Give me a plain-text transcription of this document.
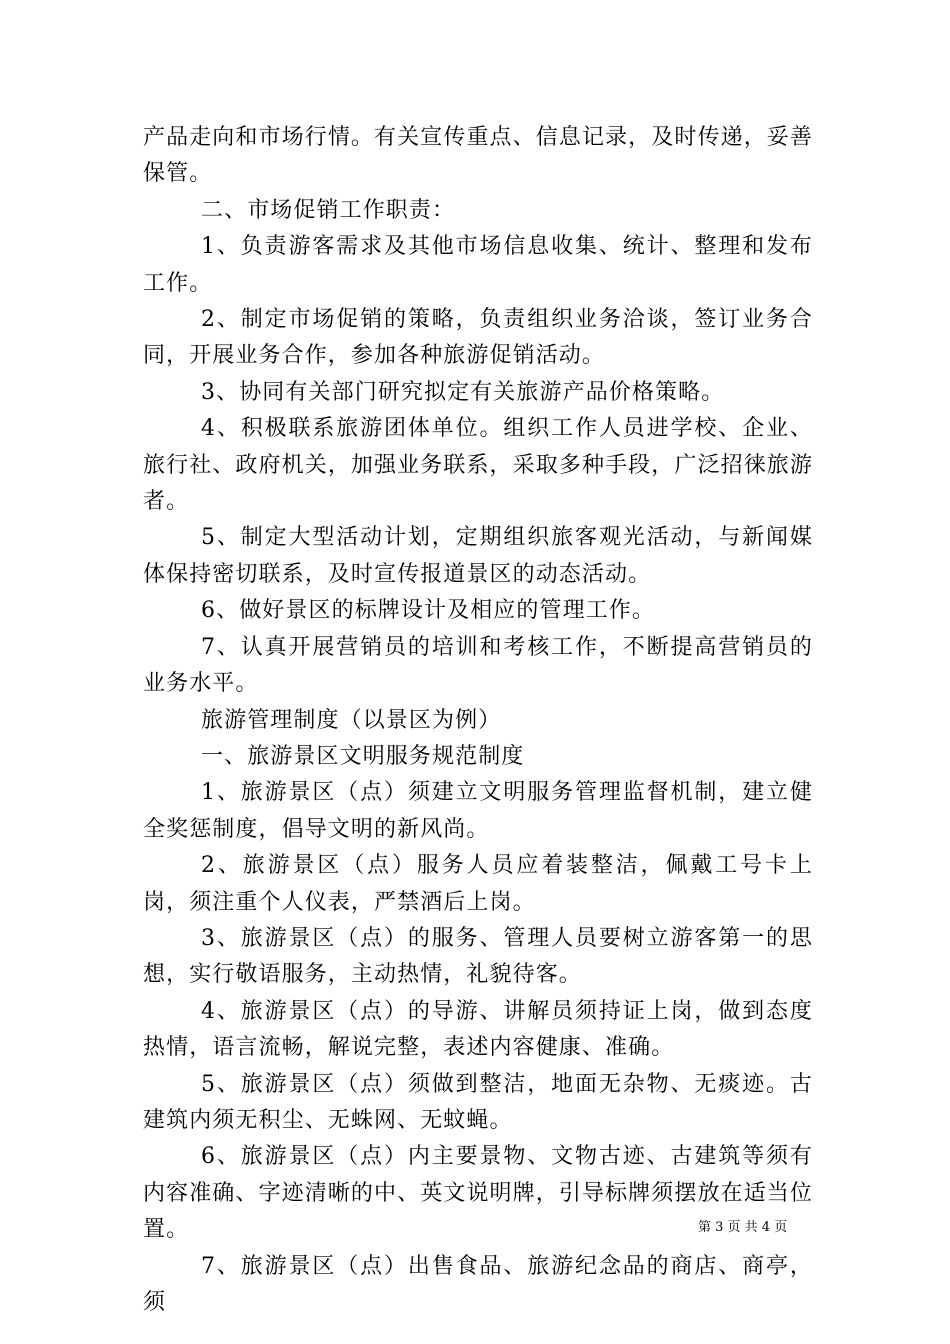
产品走向和市场行情。有关宣传重点、信息记录，及时传递，妥善保管。

二、市场促销工作职责：

1、负责游客需求及其他市场信息收集、统计、整理和发布工作。

2、制定市场促销的策略，负责组织业务洽谈，签订业务合同，开展业务合作，参加各种旅游促销活动。

3、协同有关部门研究拟定有关旅游产品价格策略。

4、积极联系旅游团体单位。组织工作人员进学校、企业、旅行社、政府机关，加强业务联系，采取多种手段，广泛招徕旅游者。

5、制定大型活动计划，定期组织旅客观光活动，与新闻媒体保持密切联系，及时宣传报道景区的动态活动。

6、做好景区的标牌设计及相应的管理工作。

7、认真开展营销员的培训和考核工作，不断提高营销员的业务水平。

旅游管理制度（以景区为例）

一、旅游景区文明服务规范制度

1、旅游景区（点）须建立文明服务管理监督机制，建立健全奖惩制度，倡导文明的新风尚。

2、旅游景区（点）服务人员应着装整洁，佩戴工号卡上岗，须注重个人仪表，严禁酒后上岗。

3、旅游景区（点）的服务、管理人员要树立游客第一的思想，实行敬语服务，主动热情，礼貌待客。

4、旅游景区（点）的导游、讲解员须持证上岗，做到态度热情，语言流畅，解说完整，表述内容健康、准确。

5、旅游景区（点）须做到整洁，地面无杂物、无痰迹。古建筑内须无积尘、无蛛网、无蚊蝇。

6、旅游景区（点）内主要景物、文物古迹、古建筑等须有内容准确、字迹清晰的中、英文说明牌，引导标牌须摆放在适当位置。

7、旅游景区（点）出售食品、旅游纪念品的商店、商亭，须

第 3 页 共 4 页
